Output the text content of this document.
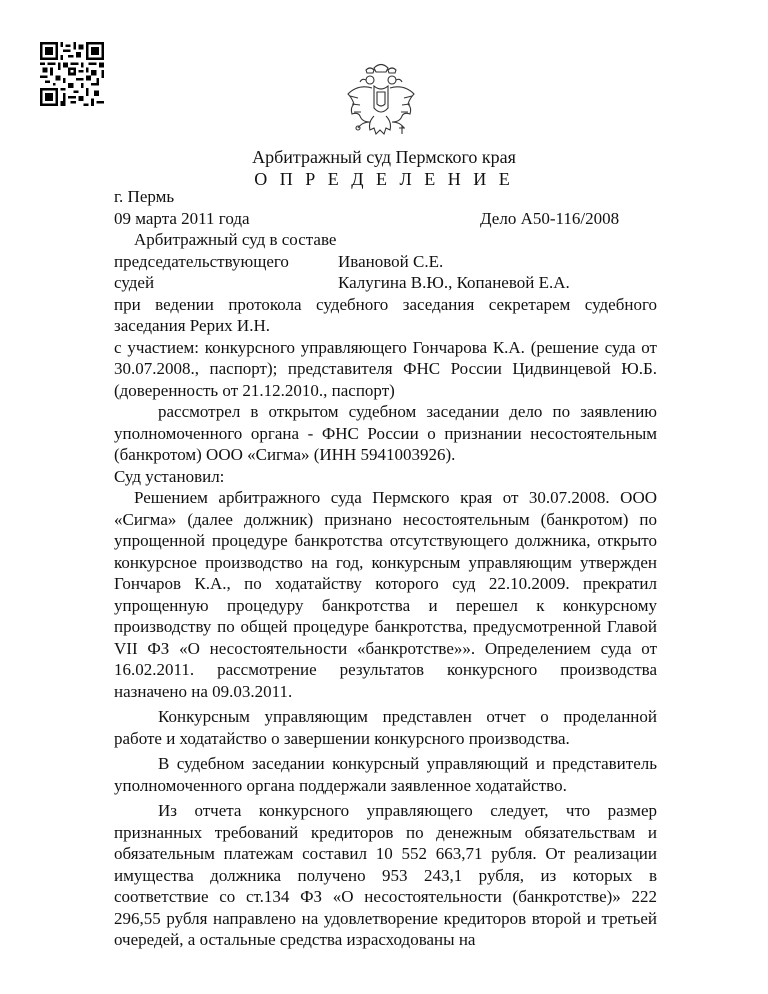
Арбитражный суд Пермского края
О П Р Е Д Е Л Е Н И Е
г. Пермь
09 марта 2011 года	Дело А50-116/2008
Арбитражный суд в составе
председательствующего	Ивановой С.Е.
судей	Калугина В.Ю., Копаневой Е.А.

при ведении протокола судебного заседания секретарем судебного заседания Рерих И.Н.

с участием: конкурсного управляющего Гончарова К.А. (решение суда от 30.07.2008., паспорт); представителя ФНС России Цидвинцевой Ю.Б. (доверенность от 21.12.2010., паспорт)

рассмотрел в открытом судебном заседании дело по заявлению уполномоченного органа - ФНС России о признании несостоятельным (банкротом) ООО «Сигма» (ИНН 5941003926).

Суд установил:

Решением арбитражного суда Пермского края от 30.07.2008. ООО «Сигма» (далее должник) признано несостоятельным (банкротом) по упрощенной процедуре банкротства отсутствующего должника, открыто конкурсное производство на год, конкурсным управляющим утвержден Гончаров К.А., по ходатайству которого суд 22.10.2009. прекратил упрощенную процедуру банкротства и перешел к конкурсному производству по общей процедуре банкротства, предусмотренной Главой VII ФЗ «О несостоятельности «банкротстве»». Определением суда от 16.02.2011. рассмотрение результатов конкурсного производства назначено на 09.03.2011.

Конкурсным управляющим представлен отчет о проделанной работе и ходатайство о завершении конкурсного производства.

В судебном заседании конкурсный управляющий и представитель уполномоченного органа поддержали заявленное ходатайство.

Из отчета конкурсного управляющего следует, что размер признанных требований кредиторов по денежным обязательствам и обязательным платежам составил 10 552 663,71 рубля. От реализации имущества должника получено 953 243,1 рубля, из которых в соответствие со ст.134 ФЗ «О несостоятельности (банкротстве)» 222 296,55 рубля направлено на удовлетворение кредиторов второй и третьей очередей, а остальные средства израсходованы на
